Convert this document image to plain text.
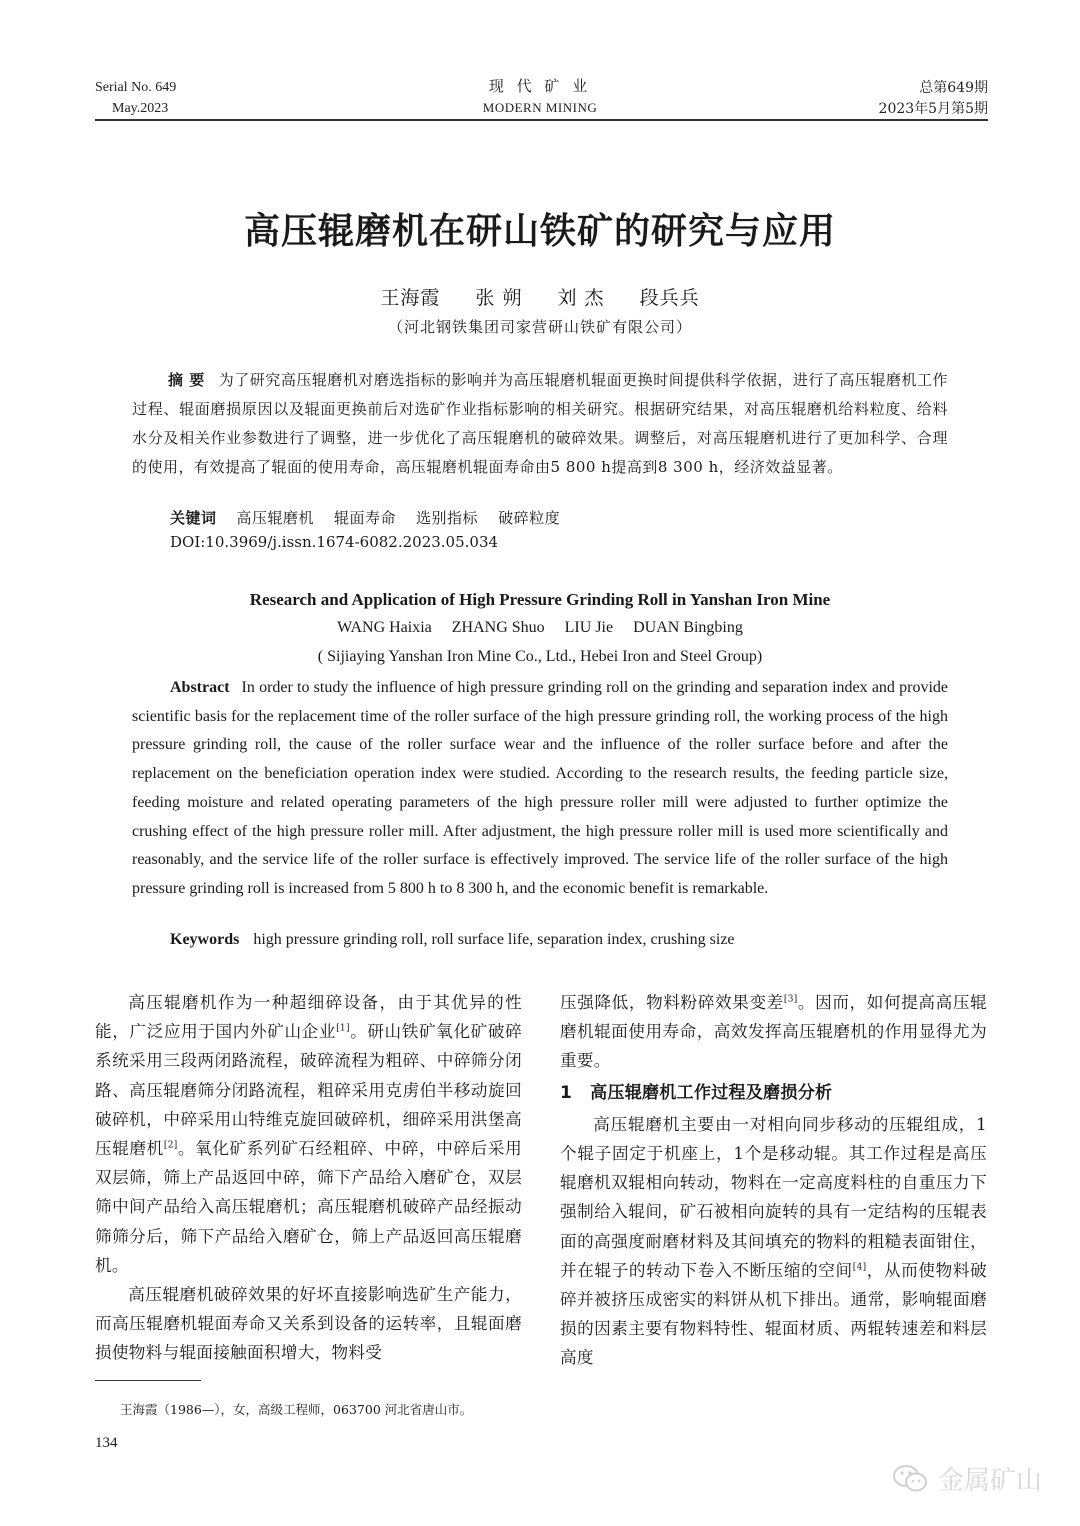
Serial No. 649
May.2023
现 代 矿 业
MODERN MINING
总第649期
2023年5月第5期
高压辊磨机在研山铁矿的研究与应用
王海霞 张 朔 刘 杰 段兵兵
（河北钢铁集团司家营研山铁矿有限公司）
摘 要 为了研究高压辊磨机对磨选指标的影响并为高压辊磨机辊面更换时间提供科学依据，进行了高压辊磨机工作过程、辊面磨损原因以及辊面更换前后对选矿作业指标影响的相关研究。根据研究结果，对高压辊磨机给料粒度、给料水分及相关作业参数进行了调整，进一步优化了高压辊磨机的破碎效果。调整后，对高压辊磨机进行了更加科学、合理的使用，有效提高了辊面的使用寿命，高压辊磨机辊面寿命由5 800 h提高到8 300 h，经济效益显著。
关键词 高压辊磨机 辊面寿命 选别指标 破碎粒度
DOI:10.3969/j.issn.1674-6082.2023.05.034
Research and Application of High Pressure Grinding Roll in Yanshan Iron Mine
WANG Haixia ZHANG Shuo LIU Jie DUAN Bingbing
( Sijiaying Yanshan Iron Mine Co., Ltd., Hebei Iron and Steel Group)
Abstract In order to study the influence of high pressure grinding roll on the grinding and separation index and provide scientific basis for the replacement time of the roller surface of the high pressure grinding roll, the working process of the high pressure grinding roll, the cause of the roller surface wear and the influence of the roller surface before and after the replacement on the beneficiation operation index were studied. According to the research results, the feeding particle size, feeding moisture and related operating parameters of the high pressure roller mill were adjusted to further optimize the crushing effect of the high pressure roller mill. After adjustment, the high pressure roller mill is used more scientifically and reasonably, and the service life of the roller surface is effectively improved. The service life of the roller surface of the high pressure grinding roll is increased from 5 800 h to 8 300 h, and the economic benefit is remarkable.
Keywords high pressure grinding roll, roll surface life, separation index, crushing size

高压辊磨机作为一种超细碎设备，由于其优异的性能，广泛应用于国内外矿山企业[1]。研山铁矿氧化矿破碎系统采用三段两闭路流程，破碎流程为粗碎、中碎筛分闭路、高压辊磨筛分闭路流程，粗碎采用克虏伯半移动旋回破碎机，中碎采用山特维克旋回破碎机，细碎采用洪堡高压辊磨机[2]。氧化矿系列矿石经粗碎、中碎，中碎后采用双层筛，筛上产品返回中碎，筛下产品给入磨矿仓，双层筛中间产品给入高压辊磨机；高压辊磨机破碎产品经振动筛筛分后，筛下产品给入磨矿仓，筛上产品返回高压辊磨机。

高压辊磨机破碎效果的好坏直接影响选矿生产能力，而高压辊磨机辊面寿命又关系到设备的运转率，且辊面磨损使物料与辊面接触面积增大，物料受

压强降低，物料粉碎效果变差[3]。因而，如何提高高压辊磨机辊面使用寿命，高效发挥高压辊磨机的作用显得尤为重要。

1 高压辊磨机工作过程及磨损分析

高压辊磨机主要由一对相向同步移动的压辊组成，1个辊子固定于机座上，1个是移动辊。其工作过程是高压辊磨机双辊相向转动，物料在一定高度料柱的自重压力下强制给入辊间，矿石被相向旋转的具有一定结构的压辊表面的高强度耐磨材料及其间填充的物料的粗糙表面钳住，并在辊子的转动下卷入不断压缩的空间[4]，从而使物料破碎并被挤压成密实的料饼从机下排出。通常，影响辊面磨损的因素主要有物料特性、辊面材质、两辊转速差和料层高度

王海霞（1986—），女，高级工程师，063700 河北省唐山市。
134
金属矿山
